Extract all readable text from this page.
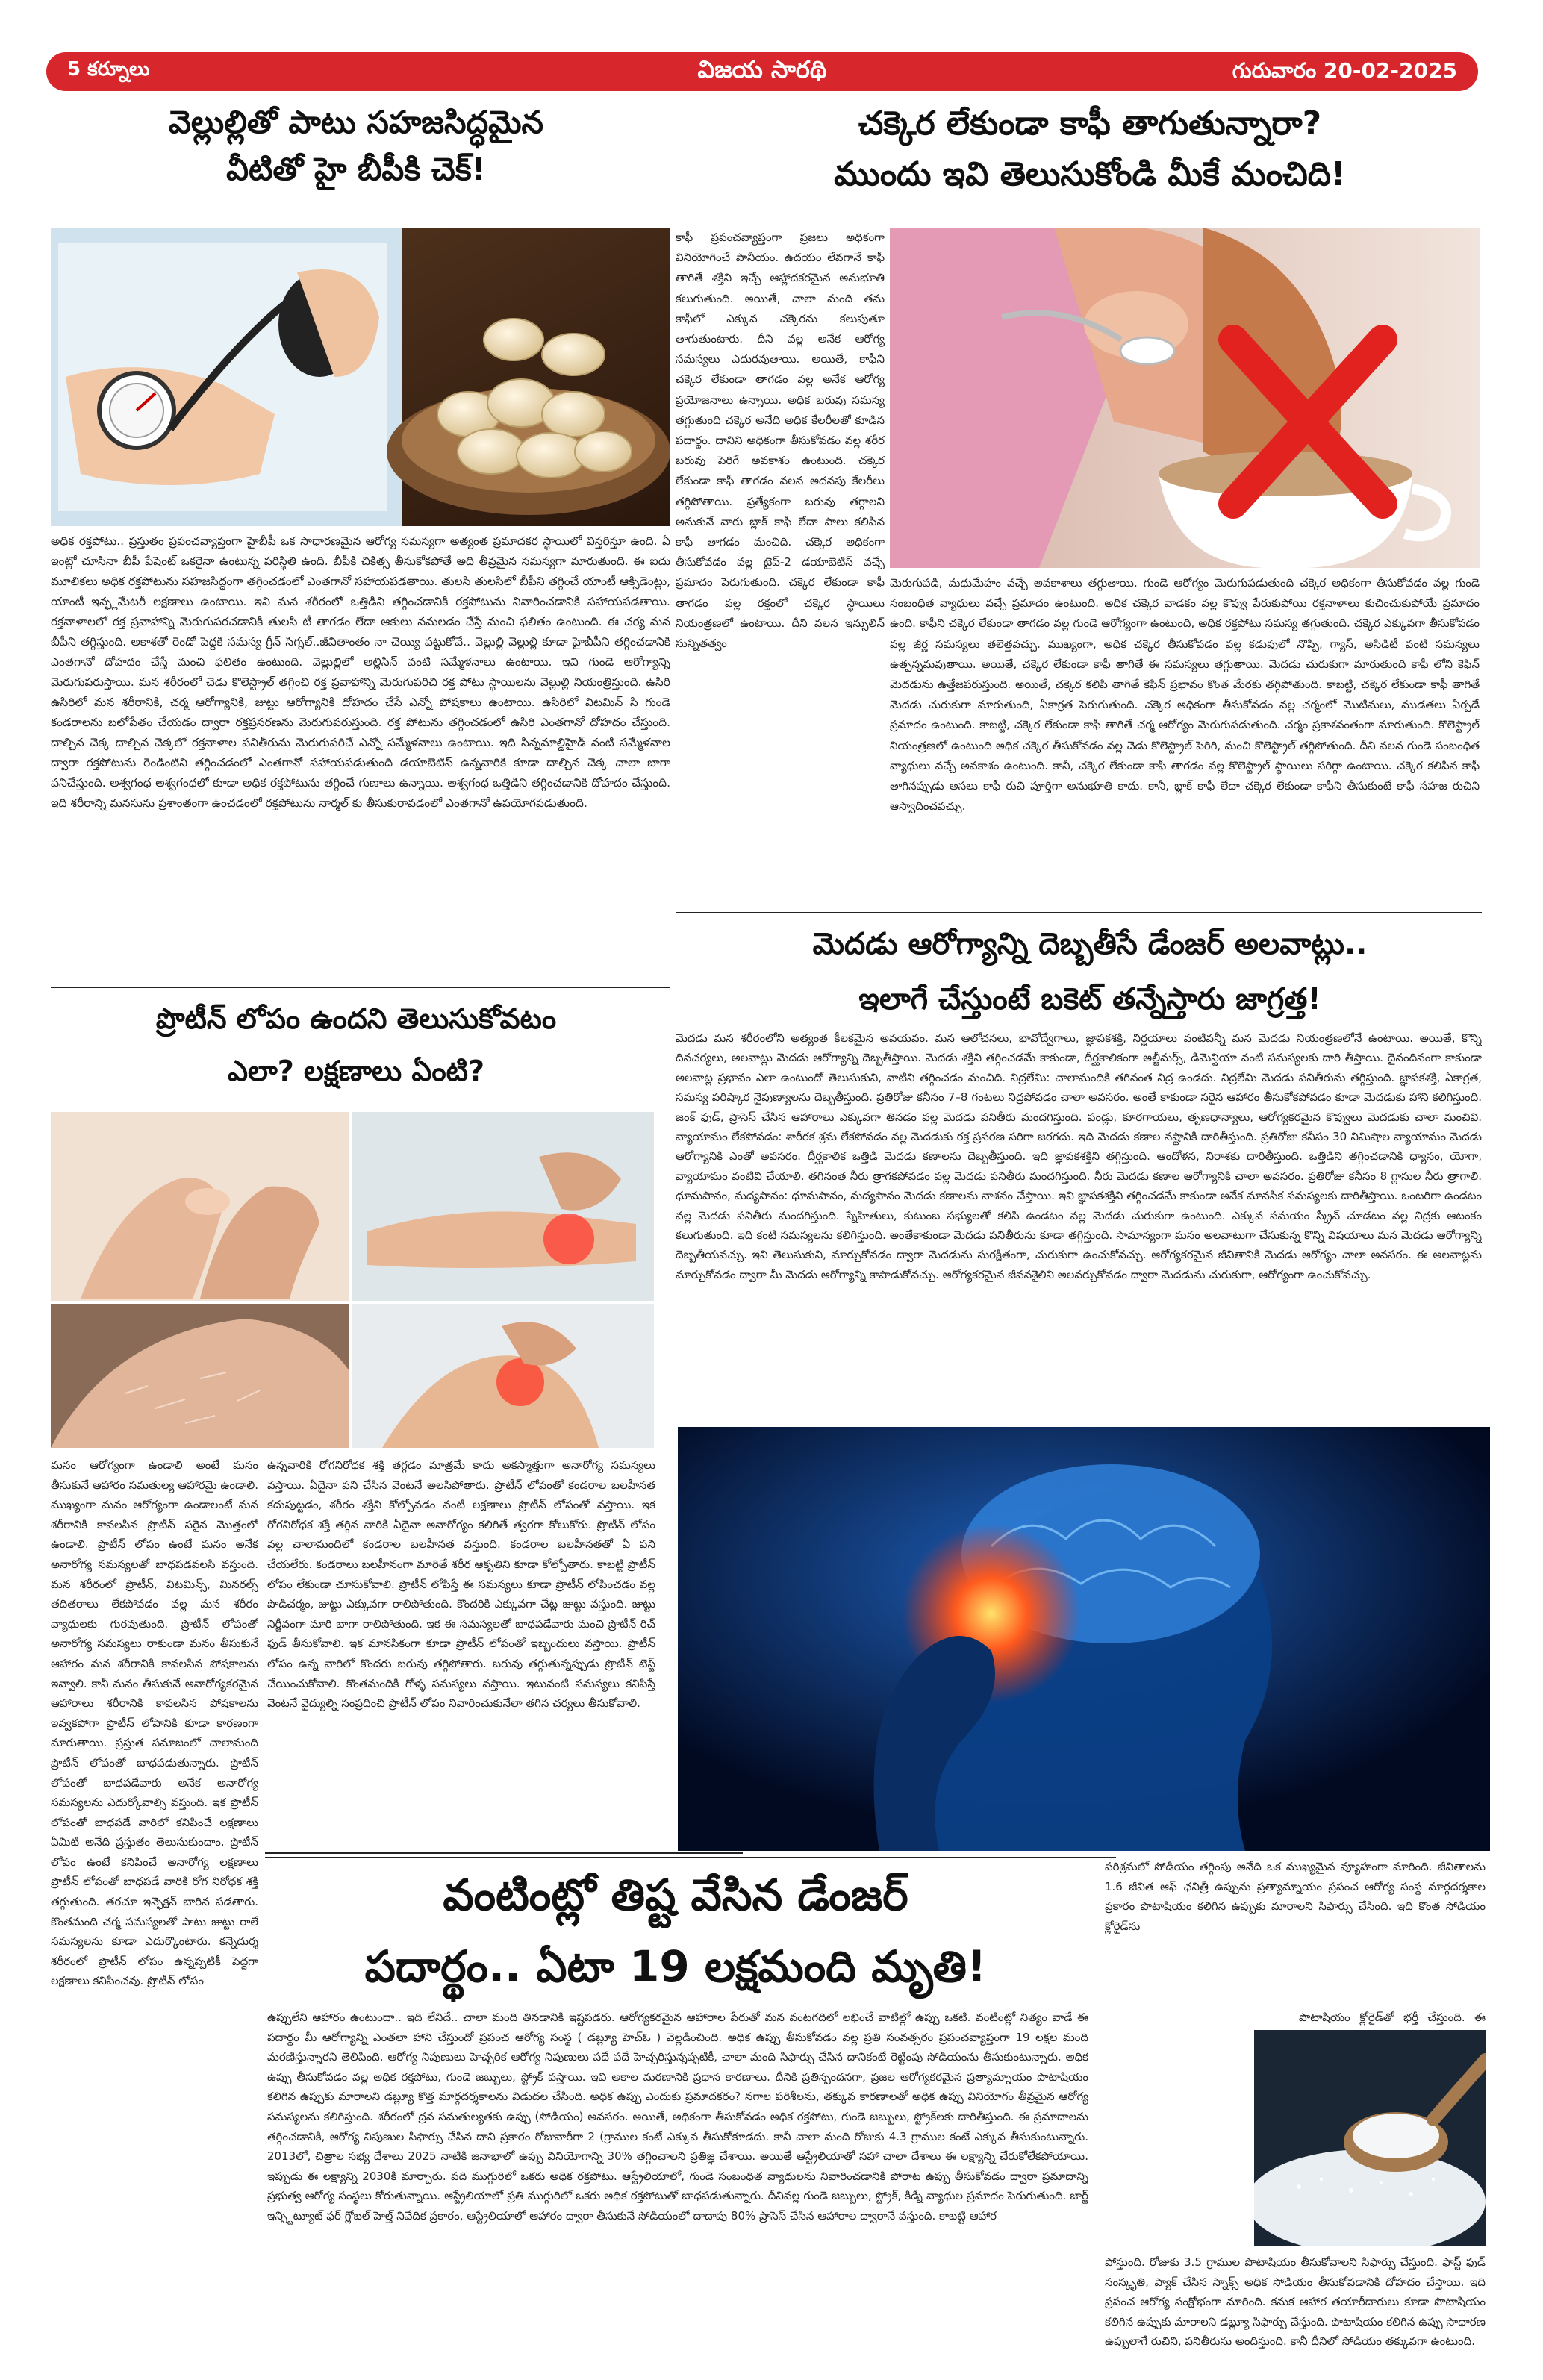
5 కర్నూలు	విజయ సారథి	గురువారం 20-02-2025
వెల్లుల్లితో పాటు సహజసిద్ధమైన
వీటితో హై బీపీకి చెక్!
అధిక రక్తపోటు.. ప్రస్తుతం ప్రపంచవ్యాప్తంగా హైబీపీ ఒక సాధారణమైన ఆరోగ్య సమస్యగా అత్యంత ప్రమాదకర స్థాయిలో విస్తరిస్తూ ఉంది. ఏ ఇంట్లో చూసినా బీపీ పేషెంట్ ఒకరైనా ఉంటున్న పరిస్థితి ఉంది. బీపీకి చికిత్స తీసుకోకపోతే అది తీవ్రమైన సమస్యగా మారుతుంది. ఈ ఐదు మూలికలు అధిక రక్తపోటును సహజసిద్ధంగా తగ్గించడంలో ఎంతగానో సహాయపడతాయి. తులసి తులసిలో బీపీని తగ్గించే యాంటీ ఆక్సిడెంట్లు, యాంటీ ఇన్ఫ్లమేటరీ లక్షణాలు ఉంటాయి. ఇవి మన శరీరంలో ఒత్తిడిని తగ్గించడానికి రక్తపోటును నివారించడానికి సహాయపడతాయి. రక్తనాళాలలో రక్త ప్రవాహాన్ని మెరుగుపరచడానికి తులసి టీ తాగడం లేదా ఆకులు నమలడం చేస్తే మంచి ఫలితం ఉంటుంది. ఈ చర్య మన బీపీని తగ్గిస్తుంది. అకాశతో రెండో పెద్దకి సమస్య గ్రీన్ సిగ్నల్..జీవితాంతం నా చెయ్యి పట్టుకోవే.. వెల్లుల్లి వెల్లుల్లి కూడా హైబీపీని తగ్గించడానికి ఎంతగానో దోహదం చేస్తే మంచి ఫలితం ఉంటుంది. వెల్లుల్లిలో అల్లిసిన్ వంటి సమ్మేళనాలు ఉంటాయి. ఇవి గుండె ఆరోగ్యాన్ని మెరుగుపరుస్తాయి. మన శరీరంలో చెడు కొలెస్ట్రాల్ తగ్గించి రక్త ప్రవాహాన్ని మెరుగుపరిచి రక్త పోటు స్థాయిలను వెల్లుల్లి నియంత్రిస్తుంది. ఉసిరి ఉసిరిలో మన శరీరానికి, చర్మ ఆరోగ్యానికి, జుట్టు ఆరోగ్యానికి దోహదం చేసే ఎన్నో పోషకాలు ఉంటాయి. ఉసిరిలో విటమిన్ సి గుండె కండరాలను బలోపేతం చేయడం ద్వారా రక్తప్రసరణను మెరుగుపరుస్తుంది. రక్త పోటును తగ్గించడంలో ఉసిరి ఎంతగానో దోహదం చేస్తుంది. దాల్చిన చెక్క దాల్చిన చెక్కలో రక్తనాళాల పనితీరును మెరుగుపరిచే ఎన్నో సమ్మేళనాలు ఉంటాయి. ఇది సిన్నమాల్డిహైడ్ వంటి సమ్మేళనాల ద్వారా రక్తపోటును రెండింటిని తగ్గించడంలో ఎంతగానో సహాయపడుతుంది డయాబెటిస్ ఉన్నవారికి కూడా దాల్చిన చెక్క చాలా బాగా పనిచేస్తుంది. అశ్వగంధ అశ్వగంధలో కూడా అధిక రక్తపోటును తగ్గించే గుణాలు ఉన్నాయి. అశ్వగంధ ఒత్తిడిని తగ్గించడానికి దోహదం చేస్తుంది. ఇది శరీరాన్ని మనసును ప్రశాంతంగా ఉంచడంలో రక్తపోటును నార్మల్ కు తీసుకురావడంలో ఎంతగానో ఉపయోగపడుతుంది.
ప్రొటీన్ లోపం ఉందని తెలుసుకోవటం
ఎలా? లక్షణాలు ఏంటి?
మనం ఆరోగ్యంగా ఉండాలి అంటే మనం తీసుకునే ఆహారం సమతుల్య ఆహారమై ఉండాలి. ముఖ్యంగా మనం ఆరోగ్యంగా ఉండాలంటే మన శరీరానికి కావలసిన ప్రొటీన్ సరైన మొత్తంలో ఉండాలి. ప్రొటీన్ లోపం ఉంటే మనం అనేక అనారోగ్య సమస్యలతో బాధపడవలసి వస్తుంది. మన శరీరంలో ప్రొటీన్, విటమిన్స్, మినరల్స్ తదితరాలు లేకపోవడం వల్ల మన శరీరం వ్యాధులకు గురవుతుంది. ప్రొటీన్ లోపంతో అనారోగ్య సమస్యలు రాకుండా మనం తీసుకునే ఆహారం మన శరీరానికి కావలసిన పోషకాలను ఇవ్వాలి. కానీ మనం తీసుకునే అనారోగ్యకరమైన ఆహారాలు శరీరానికి కావలసిన పోషకాలను ఇవ్వకపోగా ప్రొటీన్ లోపానికి కూడా కారణంగా మారుతాయి. ప్రస్తుత సమాజంలో చాలామంది ప్రొటీన్ లోపంతో బాధపడుతున్నారు. ప్రొటీన్ లోపంతో బాధపడేవారు అనేక అనారోగ్య సమస్యలను ఎదుర్కోవాల్సి వస్తుంది. ఇక ప్రొటీన్ లోపంతో బాధపడే వారిలో కనిపించే లక్షణాలు ఏమిటి అనేది ప్రస్తుతం తెలుసుకుందాం. ప్రొటీన్ లోపం ఉంటే కనిపించే అనారోగ్య లక్షణాలు ప్రొటీన్ లోపంతో బాధపడే వారికి రోగ నిరోధక శక్తి తగ్గుతుంది. తరచూ ఇన్ఫెక్షన్ బారిన పడతారు. కొంతమంది చర్మ సమస్యలతో పాటు జుట్టు రాలే సమస్యలను కూడా ఎదుర్కొంటారు. కన్నెదుర్శ శరీరంలో ప్రొటీన్ లోపం ఉన్నప్పటికీ పెద్దగా లక్షణాలు కనిపించవు. ప్రొటీన్ లోపం
ఉన్నవారికి రోగనిరోధక శక్తి తగ్గడం మాత్రమే కాదు అకస్మాత్తుగా అనారోగ్య సమస్యలు వస్తాయి. ఏదైనా పని చేసిన వెంటనే అలసిపోతారు. ప్రొటీన్ లోపంతో కండరాల బలహీనత కదుపుట్టడం, శరీరం శక్తిని కోల్పోవడం వంటి లక్షణాలు ప్రొటీన్ లోపంతో వస్తాయి. ఇక రోగనిరోధక శక్తి తగ్గిన వారికి ఏదైనా అనారోగ్యం కలిగితే త్వరగా కోలుకోరు. ప్రొటీన్ లోపం వల్ల చాలామందిలో కండరాల బలహీనత వస్తుంది. కండరాల బలహీనతతో ఏ పని చేయలేరు. కండరాలు బలహీనంగా మారితే శరీర ఆకృతిని కూడా కోల్పోతారు. కాబట్టి ప్రొటీన్ లోపం లేకుండా చూసుకోవాలి. ప్రొటీన్ లోపిస్తే ఈ సమస్యలు కూడా ప్రొటీన్ లోపించడం వల్ల పొడిచర్మం, జుట్టు ఎక్కువగా రాలిపోతుంది. కొందరికి ఎక్కువగా చేట్ల జుట్టు వస్తుంది. జుట్టు నిర్జీవంగా మారి బాగా రాలిపోతుంది. ఇక ఈ సమస్యలతో బాధపడేవారు మంచి ప్రొటీన్ రిచ్ ఫుడ్ తీసుకోవాలి. ఇక మానసికంగా కూడా ప్రొటీన్ లోపంతో ఇబ్బందులు వస్తాయి. ప్రొటీన్ లోపం ఉన్న వారిలో కొందరు బరువు తగ్గిపోతారు. బరువు తగ్గుతున్నప్పుడు ప్రొటీన్ టెస్ట్ చేయించుకోవాలి. కొంతమందికి గోళ్ళ సమస్యలు వస్తాయి. ఇటువంటి సమస్యలు కనిపిస్తే వెంటనే వైద్యుల్ని సంప్రదించి ప్రొటీన్ లోపం నివారించుకునేలా తగిన చర్యలు తీసుకోవాలి.
చక్కెర లేకుండా కాఫీ తాగుతున్నారా?
ముందు ఇవి తెలుసుకోండి మీకే మంచిది!
కాఫీ ప్రపంచవ్యాప్తంగా ప్రజలు అధికంగా వినియోగించే పానీయం. ఉదయం లేవగానే కాఫీ తాగితే శక్తిని ఇచ్చే ఆహ్లాదకరమైన అనుభూతి కలుగుతుంది. అయితే, చాలా మంది తమ కాఫీలో ఎక్కువ చక్కెరను కలుపుతూ తాగుతుంటారు. దీని వల్ల అనేక ఆరోగ్య సమస్యలు ఎదురవుతాయి. అయితే, కాఫీని చక్కెర లేకుండా తాగడం వల్ల అనేక ఆరోగ్య ప్రయోజనాలు ఉన్నాయి. అధిక బరువు సమస్య తగ్గుతుంది చక్కెర అనేది అధిక కేలరీలతో కూడిన పదార్థం. దానిని అధికంగా తీసుకోవడం వల్ల శరీర బరువు పెరిగే అవకాశం ఉంటుంది. చక్కెర లేకుండా కాఫీ తాగడం వలన అదనపు కేలరీలు తగ్గిపోతాయి. ప్రత్యేకంగా బరువు తగ్గాలని అనుకునే వారు బ్లాక్ కాఫీ లేదా పాలు కలిపిన కాఫీ తాగడం మంచిది. చక్కెర అధికంగా తీసుకోవడం వల్ల టైప్-2 డయాబెటిస్ వచ్చే ప్రమాదం పెరుగుతుంది. చక్కెర లేకుండా కాఫీ తాగడం వల్ల రక్తంలో చక్కెర స్థాయిలు నియంత్రణలో ఉంటాయి. దీని వలన ఇన్సులిన్ సున్నితత్వం
మెరుగుపడి, మధుమేహం వచ్చే అవకాశాలు తగ్గుతాయి. గుండె ఆరోగ్యం మెరుగుపడుతుంది చక్కెర అధికంగా తీసుకోవడం వల్ల గుండె సంబంధిత వ్యాధులు వచ్చే ప్రమాదం ఉంటుంది. అధిక చక్కెర వాడకం వల్ల కొవ్వు పేరుకుపోయి రక్తనాళాలు కుచించుకుపోయే ప్రమాదం ఉంది. కాఫీని చక్కెర లేకుండా తాగడం వల్ల గుండె ఆరోగ్యంగా ఉంటుంది, అధిక రక్తపోటు సమస్య తగ్గుతుంది. చక్కెర ఎక్కువగా తీసుకోవడం వల్ల జీర్ణ సమస్యలు తలెత్తవచ్చు. ముఖ్యంగా, అధిక చక్కెర తీసుకోవడం వల్ల కడుపులో నొప్పి, గ్యాస్, అసిడిటీ వంటి సమస్యలు ఉత్పన్నమవుతాయి. అయితే, చక్కెర లేకుండా కాఫీ తాగితే ఈ సమస్యలు తగ్గుతాయి. మెదడు చురుకుగా మారుతుంది కాఫీ లోని కెఫిన్ మెదడును ఉత్తేజపరుస్తుంది. అయితే, చక్కెర కలిపి తాగితే కెఫిన్ ప్రభావం కొంత మేరకు తగ్గిపోతుంది. కాబట్టి, చక్కెర లేకుండా కాఫీ తాగితే మెదడు చురుకుగా మారుతుంది, ఏకాగ్రత పెరుగుతుంది. చక్కెర అధికంగా తీసుకోవడం వల్ల చర్మంలో మొటిమలు, ముడతలు ఏర్పడే ప్రమాదం ఉంటుంది. కాబట్టి, చక్కెర లేకుండా కాఫీ తాగితే చర్మ ఆరోగ్యం మెరుగుపడుతుంది. చర్మం ప్రకాశవంతంగా మారుతుంది. కొలెస్ట్రాల్ నియంత్రణలో ఉంటుంది అధిక చక్కెర తీసుకోవడం వల్ల చెడు కొలెస్ట్రాల్ పెరిగి, మంచి కొలెస్ట్రాల్ తగ్గిపోతుంది. దీని వలన గుండె సంబంధిత వ్యాధులు వచ్చే అవకాశం ఉంటుంది. కానీ, చక్కెర లేకుండా కాఫీ తాగడం వల్ల కొలెస్ట్రాల్ స్థాయిలు సరిగ్గా ఉంటాయి. చక్కెర కలిపిన కాఫీ తాగినప్పుడు అసలు కాఫీ రుచి పూర్తిగా అనుభూతి కాదు. కానీ, బ్లాక్ కాఫీ లేదా చక్కెర లేకుండా కాఫీని తీసుకుంటే కాఫీ సహజ రుచిని ఆస్వాదించవచ్చు.
మెదడు ఆరోగ్యాన్ని దెబ్బతీసే డేంజర్ అలవాట్లు..
ఇలాగే చేస్తుంటే బకెట్ తన్నేస్తారు జాగ్రత్త!
మెదడు మన శరీరంలోని అత్యంత కీలకమైన అవయవం. మన ఆలోచనలు, భావోద్వేగాలు, జ్ఞాపకశక్తి, నిర్ణయాలు వంటివన్నీ మన మెదడు నియంత్రణలోనే ఉంటాయి. అయితే, కొన్ని దినచర్యలు, అలవాట్లు మెదడు ఆరోగ్యాన్ని దెబ్బతీస్తాయి. మెదడు శక్తిని తగ్గించడమే కాకుండా, దీర్ఘకాలికంగా అల్జీమర్స్, డిమెన్షియా వంటి సమస్యలకు దారి తీస్తాయి. దైనందినంగా కాకుండా అలవాట్ల ప్రభావం ఎలా ఉంటుందో తెలుసుకుని, వాటిని తగ్గించడం మంచిది. నిద్రలేమి: చాలామందికి తగినంత నిద్ర ఉండదు. నిద్రలేమి మెదడు పనితీరును తగ్గిస్తుంది. జ్ఞాపకశక్తి, ఏకాగ్రత, సమస్య పరిష్కార నైపుణ్యాలను దెబ్బతీస్తుంది. ప్రతిరోజు కనీసం 7–8 గంటలు నిద్రపోవడం చాలా అవసరం. అంతే కాకుండా సరైన ఆహారం తీసుకోకపోవడం కూడా మెదడుకు హాని కలిగిస్తుంది. జంక్ ఫుడ్, ప్రాసెస్ చేసిన ఆహారాలు ఎక్కువగా తినడం వల్ల మెదడు పనితీరు మందగిస్తుంది. పండ్లు, కూరగాయలు, తృణధాన్యాలు, ఆరోగ్యకరమైన కొవ్వులు మెదడుకు చాలా మంచివి. వ్యాయామం లేకపోవడం: శారీరక శ్రమ లేకపోవడం వల్ల మెదడుకు రక్త ప్రసరణ సరిగా జరగదు. ఇది మెదడు కణాల నష్టానికి దారితీస్తుంది. ప్రతిరోజు కనీసం 30 నిమిషాల వ్యాయామం మెదడు ఆరోగ్యానికి ఎంతో అవసరం. దీర్ఘకాలిక ఒత్తిడి మెదడు కణాలను దెబ్బతీస్తుంది. ఇది జ్ఞాపకశక్తిని తగ్గిస్తుంది. ఆందోళన, నిరాశకు దారితీస్తుంది. ఒత్తిడిని తగ్గించడానికి ధ్యానం, యోగా, వ్యాయామం వంటివి చేయాలి. తగినంత నీరు త్రాగకపోవడం వల్ల మెదడు పనితీరు మందగిస్తుంది. నీరు మెదడు కణాల ఆరోగ్యానికి చాలా అవసరం. ప్రతిరోజు కనీసం 8 గ్లాసుల నీరు త్రాగాలి. ధూమపానం, మద్యపానం: ధూమపానం, మద్యపానం మెదడు కణాలను నాశనం చేస్తాయి. ఇవి జ్ఞాపకశక్తిని తగ్గించడమే కాకుండా అనేక మానసిక సమస్యలకు దారితీస్తాయి. ఒంటరిగా ఉండటం వల్ల మెదడు పనితీరు మందగిస్తుంది. స్నేహితులు, కుటుంబ సభ్యులతో కలిసి ఉండటం వల్ల మెదడు చురుకుగా ఉంటుంది. ఎక్కువ సమయం స్క్రీన్ చూడటం వల్ల నిద్రకు ఆటంకం కలుగుతుంది. ఇది కంటి సమస్యలను కలిగిస్తుంది. అంతేకాకుండా మెదడు పనితీరును కూడా తగ్గిస్తుంది. సామాన్యంగా మనం అలవాటుగా చేసుకున్న కొన్ని విషయాలు మన మెదడు ఆరోగ్యాన్ని దెబ్బతీయవచ్చు. ఇవి తెలుసుకుని, మార్చుకోవడం ద్వారా మెదడును సురక్షితంగా, చురుకుగా ఉంచుకోవచ్చు. ఆరోగ్యకరమైన జీవితానికి మెదడు ఆరోగ్యం చాలా అవసరం. ఈ అలవాట్లను మార్చుకోవడం ద్వారా మీ మెదడు ఆరోగ్యాన్ని కాపాడుకోవచ్చు. ఆరోగ్యకరమైన జీవనశైలిని అలవర్చుకోవడం ద్వారా మెదడును చురుకుగా, ఆరోగ్యంగా ఉంచుకోవచ్చు.
వంటింట్లో తిష్ట వేసిన డేంజర్
పదార్థం.. ఏటా 19 లక్షమంది మృతి!
ఉప్పులేని ఆహారం ఉంటుందా.. ఇది లేనిదే.. చాలా మంది తినడానికి ఇష్టపడరు. ఆరోగ్యకరమైన ఆహారాల పేరుతో మన వంటగదిలో లభించే వాటిల్లో ఉప్పు ఒకటి. వంటింట్లో నిత్యం వాడే ఈ పదార్థం మీ ఆరోగ్యాన్ని ఎంతలా హాని చేస్తుందో ప్రపంచ ఆరోగ్య సంస్థ ( డబ్ల్యూ హెచ్ఓ ) వెల్లడించింది. అధిక ఉప్పు తీసుకోవడం వల్ల ప్రతి సంవత్సరం ప్రపంచవ్యాప్తంగా 19 లక్షల మంది మరణిస్తున్నారని తెలిపింది. ఆరోగ్య నిపుణులు హెచ్చరిక ఆరోగ్య నిపుణులు పదే పదే హెచ్చరిస్తున్నప్పటికీ, చాలా మంది సిఫార్సు చేసిన దానికంటే రెట్టింపు సోడియంను తీసుకుంటున్నారు. అధిక ఉప్పు తీసుకోవడం వల్ల అధిక రక్తపోటు, గుండె జబ్బులు, స్ట్రోక్ వస్తాయి. ఇవి అకాల మరణానికి ప్రధాన కారణాలు. దీనికి ప్రతిస్పందనగా, ప్రజల ఆరోగ్యకరమైన ప్రత్యామ్నాయం పొటాషియం కలిగిన ఉప్పుకు మారాలని డబ్ల్యూ కొత్త మార్గదర్శకాలను విడుదల చేసింది. అధిక ఉప్పు ఎందుకు ప్రమాదకరం? నగాల పరిశీలను, తక్కువ కారణాలతో అధిక ఉప్పు వినియోగం తీవ్రమైన ఆరోగ్య సమస్యలను కలిగిస్తుంది. శరీరంలో ద్రవ సమతుల్యతకు ఉప్పు (సోడియం) అవసరం. అయితే, అధికంగా తీసుకోవడం అధిక రక్తపోటు, గుండె జబ్బులు, స్ట్రోక్‌లకు దారితీస్తుంది. ఈ ప్రమాదాలను తగ్గించడానికి, ఆరోగ్య నిపుణుల సిఫార్సు చేసిన దాని ప్రకారం రోజువారీగా 2 (గ్రాముల కంటే ఎక్కువ తీసుకోకూడదు. కానీ చాలా మంది రోజుకు 4.3 గ్రాముల కంటే ఎక్కువ తీసుకుంటున్నారు. 2013లో, చిత్రాల సభ్య దేశాలు 2025 నాటికి జనాభాలో ఉప్పు వినియోగాన్ని 30% తగ్గించాలని ప్రతిజ్ఞ చేశాయి. అయితే ఆస్ట్రేలియాతో సహా చాలా దేశాలు ఈ లక్ష్యాన్ని చేరుకోలేకపోయాయి. ఇప్పుడు ఈ లక్ష్యాన్ని 2030కి మార్చారు. పది ముగ్గురిలో ఒకరు అధిక రక్తపోటు. ఆస్ట్రేలియాలో, గుండె సంబంధిత వ్యాధులను నివారించడానికి పోరాట ఉప్పు తీసుకోవడం ద్వారా ప్రమాదాన్ని ప్రభుత్వ ఆరోగ్య సంస్థలు కోరుతున్నాయి. ఆస్ట్రేలియాలో ప్రతి ముగ్గురిలో ఒకరు అధిక రక్తపోటుతో బాధపడుతున్నారు. దీనివల్ల గుండె జబ్బులు, స్ట్రోక్, కిడ్నీ వ్యాధుల ప్రమాదం పెరుగుతుంది. జార్జ్ ఇన్స్టిట్యూట్ ఫర్ గ్లోబల్ హెల్త్ నివేదిక ప్రకారం, ఆస్ట్రేలియాలో ఆహారం ద్వారా తీసుకునే సోడియంలో దాదాపు 80% ప్రాసెస్ చేసిన ఆహారాల ద్వారానే వస్తుంది. కాబట్టి ఆహార
పరిశ్రమలో సోడియం తగ్గింపు అనేది ఒక ముఖ్యమైన వ్యూహంగా మారింది. జీవితాలను 1.6 జీవిత ఆఫ్ ఛనిత్రీ ఉప్పును ప్రత్యామ్నాయం ప్రపంచ ఆరోగ్య సంస్థ మార్గదర్శకాల ప్రకారం పొటాషియం కలిగిన ఉప్పుకు మారాలని సిఫార్సు చేసింది. ఇది కొంత సోడియం క్లోరైడ్‌ను
పొటాషియం క్లోరైడ్‌తో భర్తీ చేస్తుంది. ఈ
పోస్తుంది. రోజుకు 3.5 గ్రాముల పొటాషియం తీసుకోవాలని సిఫార్సు చేస్తుంది. ఫాస్ట్ ఫుడ్ సంస్కృతి, ప్యాక్ చేసిన స్నాక్స్ అధిక సోడియం తీసుకోవడానికి దోహదం చేస్తాయి. ఇది ప్రపంచ ఆరోగ్య సంక్షోభంగా మారింది. కనుక ఆహార తయారీదారులు కూడా పొటాషియం కలిగిన ఉప్పుకు మారాలని డబ్ల్యూ సిఫార్సు చేస్తుంది. పొటాషియం కలిగిన ఉప్పు సాధారణ ఉప్పులాగే రుచిని, పనితీరును అందిస్తుంది. కానీ దీనిలో సోడియం తక్కువగా ఉంటుంది.
